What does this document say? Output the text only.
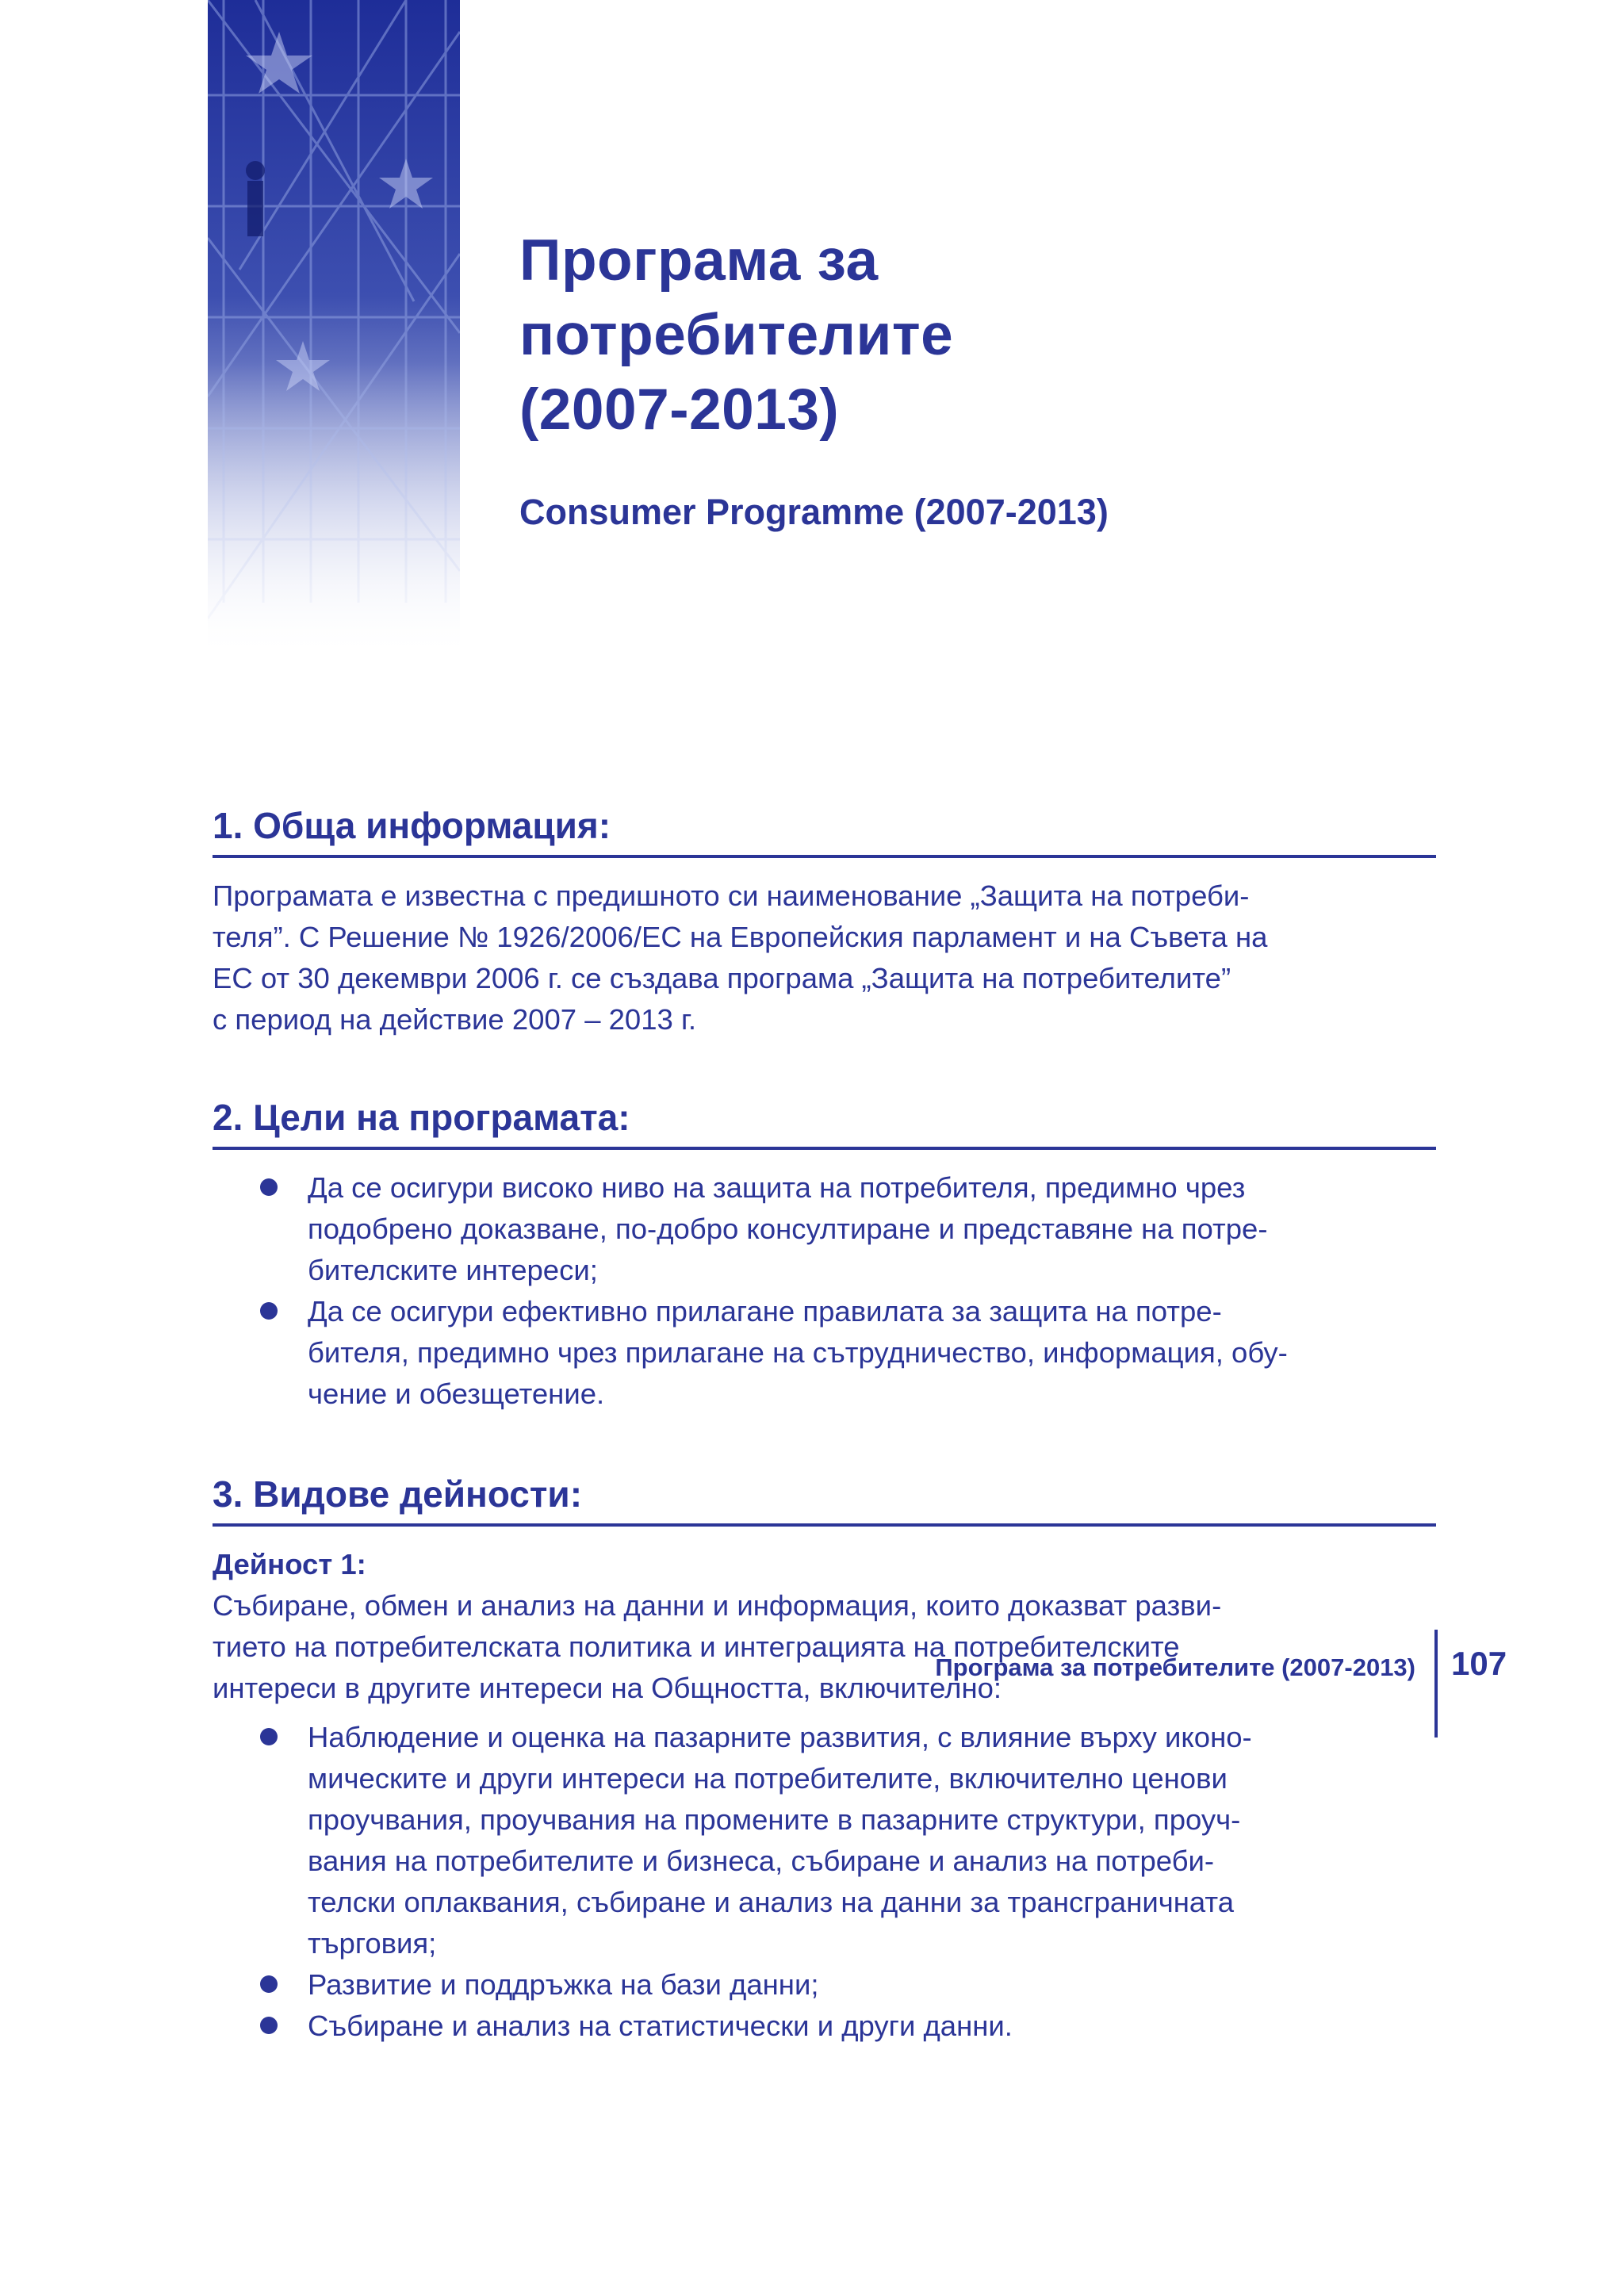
Програма за
потребителите
(2007-2013)

Consumer Programme (2007-2013)

1. Обща информация:

Програмата е известна с предишното си наименование „Защита на потреби-
теля”. С Решение № 1926/2006/ЕС на Европейския парламент и на Съвета на
ЕС от 30 декември 2006 г. се създава програма „Защита на потребителите”
с период на действие 2007 – 2013 г.

2. Цели на програмата:
Да се осигури високо ниво на защита на потребителя, предимно чрез
подобрено доказване, по-добро консултиране и представяне на потре-
бителските интереси;
Да се осигури ефективно прилагане правилата за защита на потре-
бителя, предимно чрез прилагане на сътрудничество, информация, обу-
чение и обезщетение.
3. Видове дейности:

Дейност 1:

Събиране, обмен и анализ на данни и информация, които доказват разви-
тието на потребителската политика и интеграцията на потребителските
интереси в другите интереси на Общността, включително:

Наблюдение и оценка на пазарните развития, с влияние върху иконо-
мическите и други интереси на потребителите, включително ценови
проучвания, проучвания на промените в пазарните структури, проуч-
вания на потребителите и бизнеса, събиране и анализ на потреби-
телски оплаквания, събиране и анализ на данни за трансграничната
търговия;
Развитие и поддръжка на бази данни;
Събиране и анализ на статистически и други данни.

Програма за потребителите (2007-2013) 107
